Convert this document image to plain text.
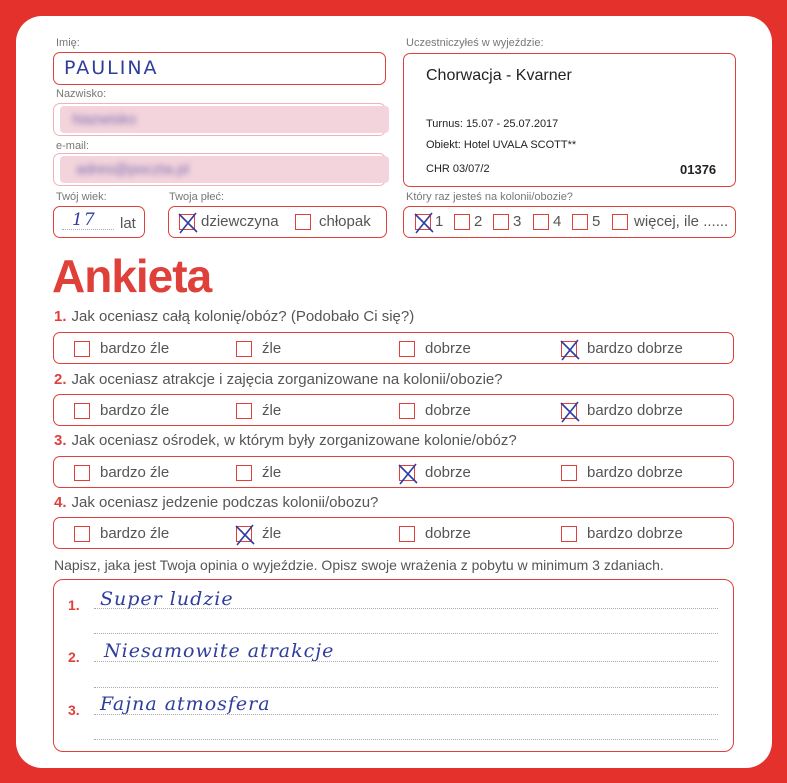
Imię:
PAULINA
Nazwisko:
Nazwisko
e-mail:
adres@poczta.pl
Twój wiek:
17 lat
Twoja płeć:
dziewczyna	chłopak
Uczestniczyłeś w wyjeździe:
Chorwacja - Kvarner
Turnus: 15.07 - 25.07.2017
Obiekt: Hotel UVALA SCOTT**
CHR 03/07/2	01376
Który raz jesteś na kolonii/obozie?
1 2 3 4 5 więcej, ile ......
Ankieta
1. Jak oceniasz całą kolonię/obóz? (Podobało Ci się?)
bardzo źle	źle	dobrze	bardzo dobrze
2. Jak oceniasz atrakcje i zajęcia zorganizowane na kolonii/obozie?
bardzo źle	źle	dobrze	bardzo dobrze
3. Jak oceniasz ośrodek, w którym były zorganizowane kolonie/obóz?
bardzo źle	źle	dobrze	bardzo dobrze
4. Jak oceniasz jedzenie podczas kolonii/obozu?
bardzo źle	źle	dobrze	bardzo dobrze
Napisz, jaka jest Twoja opinia o wyjeździe. Opisz swoje wrażenia z pobytu w minimum 3 zdaniach.
1. Super ludzie
2. Niesamowite atrakcje
3. Fajna atmosfera
